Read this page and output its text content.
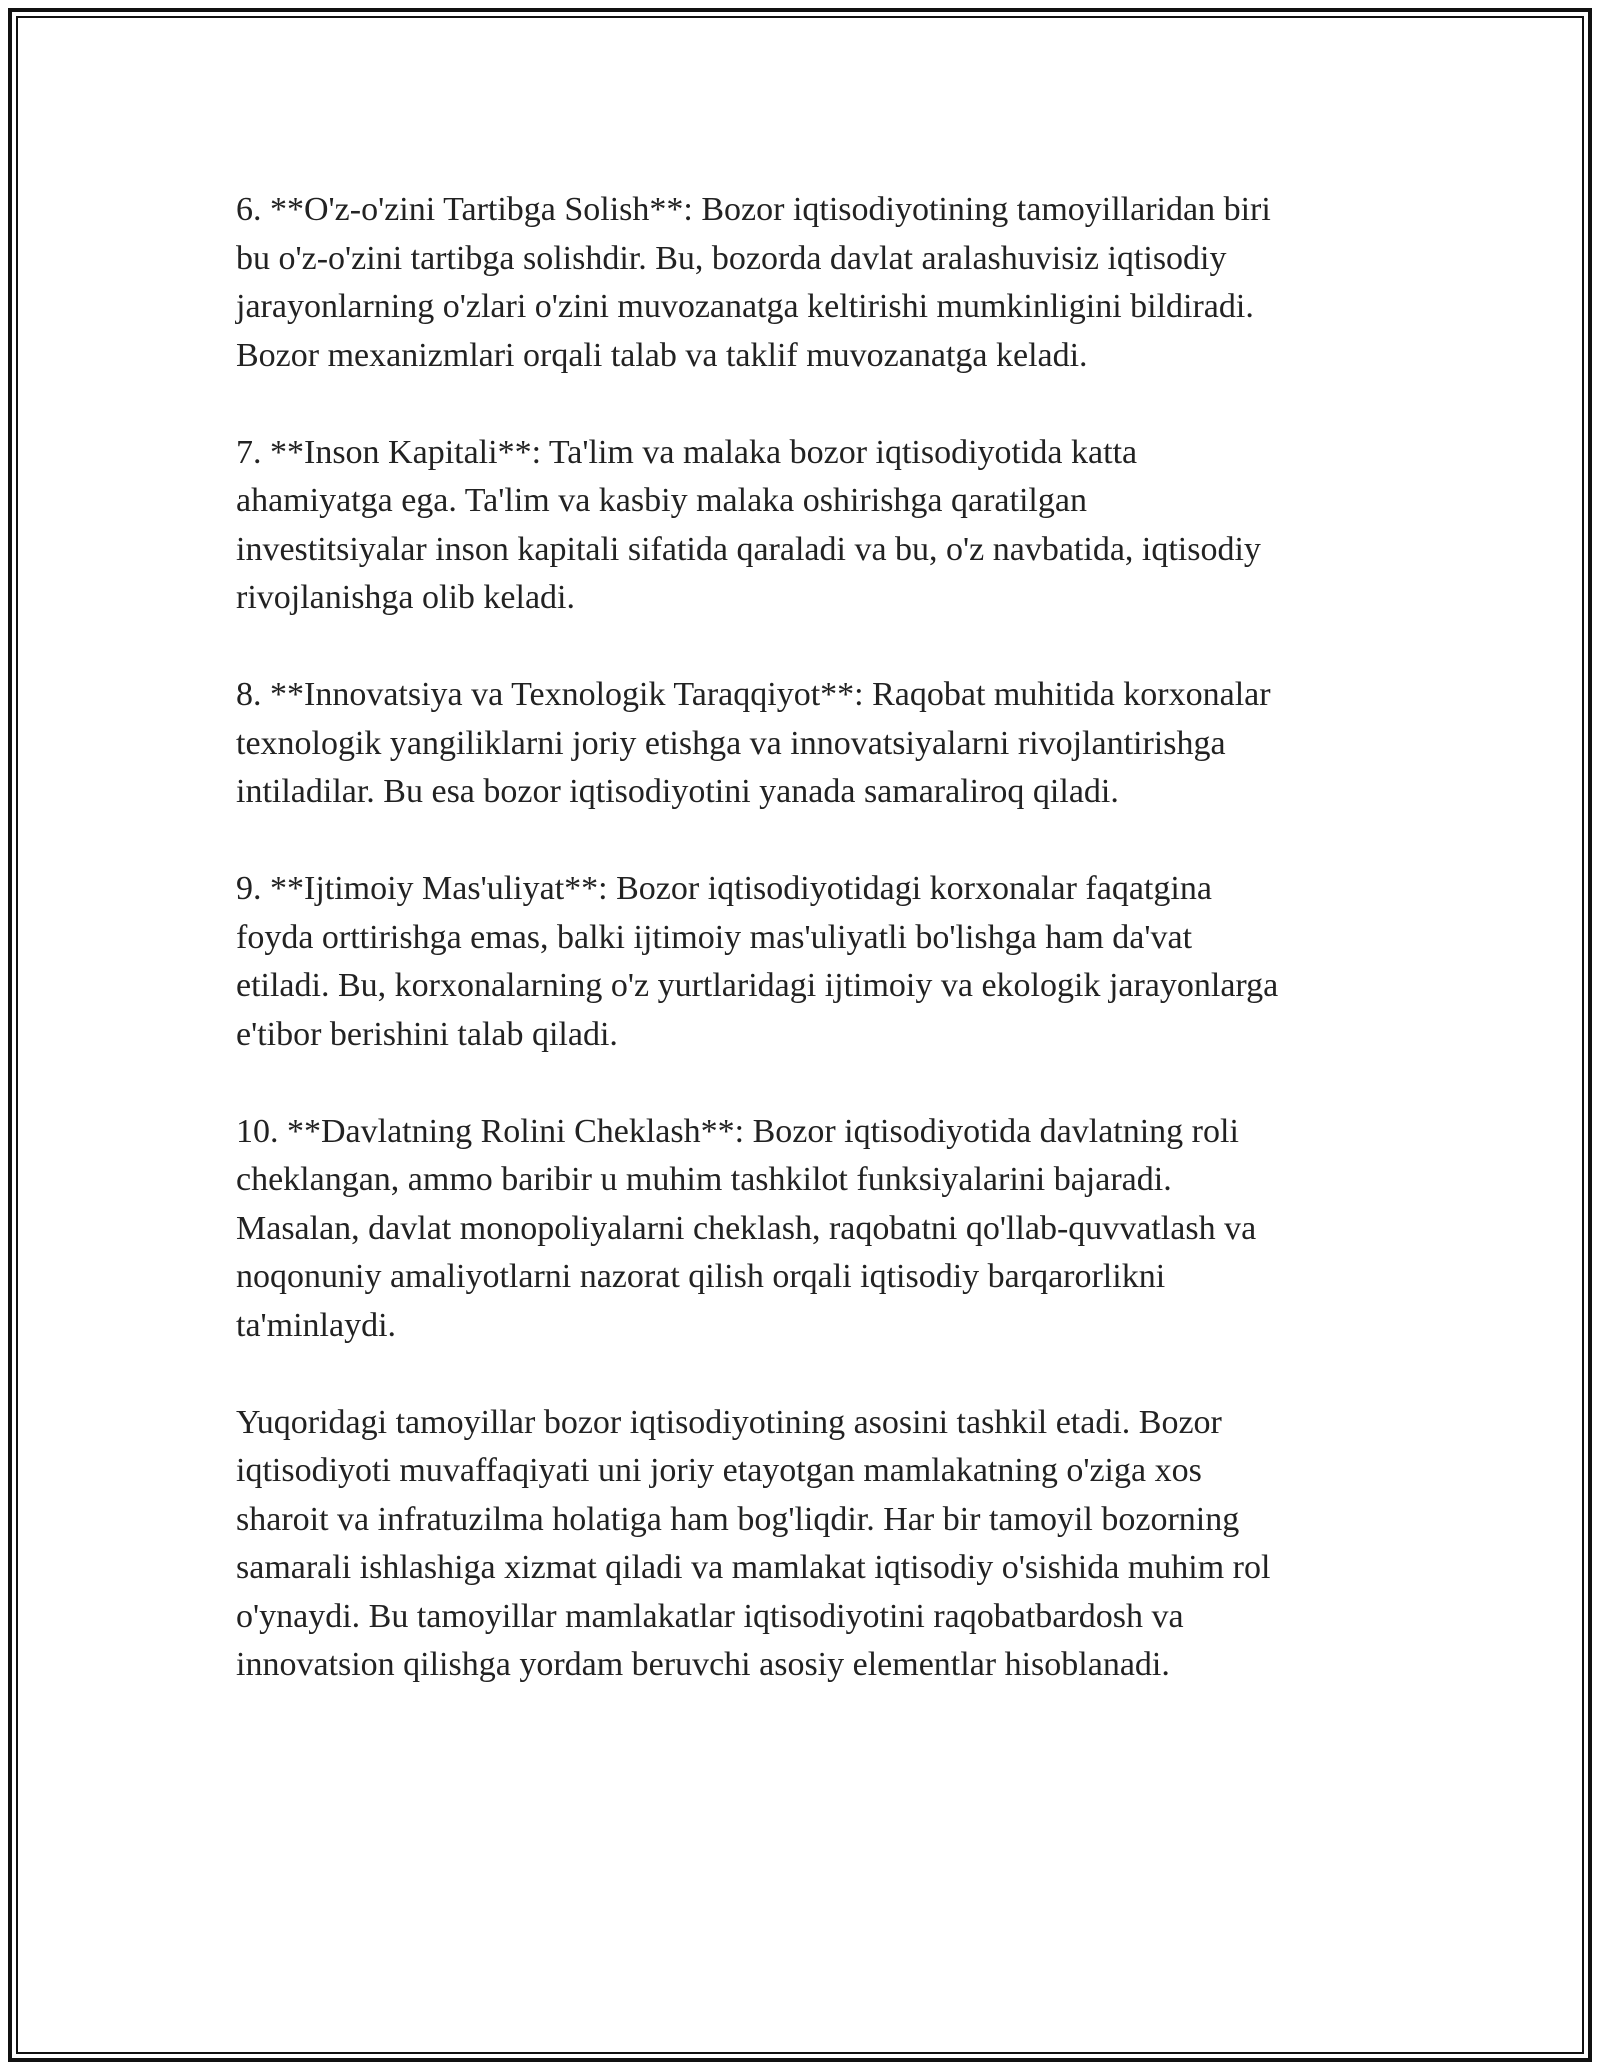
6. **O'z-o'zini Tartibga Solish**: Bozor iqtisodiyotining tamoyillaridan biri
bu o'z-o'zini tartibga solishdir. Bu, bozorda davlat aralashuvisiz iqtisodiy
jarayonlarning o'zlari o'zini muvozanatga keltirishi mumkinligini bildiradi.
Bozor mexanizmlari orqali talab va taklif muvozanatga keladi.

7. **Inson Kapitali**: Ta'lim va malaka bozor iqtisodiyotida katta
ahamiyatga ega. Ta'lim va kasbiy malaka oshirishga qaratilgan
investitsiyalar inson kapitali sifatida qaraladi va bu, o'z navbatida, iqtisodiy
rivojlanishga olib keladi.

8. **Innovatsiya va Texnologik Taraqqiyot**: Raqobat muhitida korxonalar
texnologik yangiliklarni joriy etishga va innovatsiyalarni rivojlantirishga
intiladilar. Bu esa bozor iqtisodiyotini yanada samaraliroq qiladi.

9. **Ijtimoiy Mas'uliyat**: Bozor iqtisodiyotidagi korxonalar faqatgina
foyda orttirishga emas, balki ijtimoiy mas'uliyatli bo'lishga ham da'vat
etiladi. Bu, korxonalarning o'z yurtlaridagi ijtimoiy va ekologik jarayonlarga
e'tibor berishini talab qiladi.

10. **Davlatning Rolini Cheklash**: Bozor iqtisodiyotida davlatning roli
cheklangan, ammo baribir u muhim tashkilot funksiyalarini bajaradi.
Masalan, davlat monopoliyalarni cheklash, raqobatni qo'llab-quvvatlash va
noqonuniy amaliyotlarni nazorat qilish orqali iqtisodiy barqarorlikni
ta'minlaydi.

Yuqoridagi tamoyillar bozor iqtisodiyotining asosini tashkil etadi. Bozor
iqtisodiyoti muvaffaqiyati uni joriy etayotgan mamlakatning o'ziga xos
sharoit va infratuzilma holatiga ham bog'liqdir. Har bir tamoyil bozorning
samarali ishlashiga xizmat qiladi va mamlakat iqtisodiy o'sishida muhim rol
o'ynaydi. Bu tamoyillar mamlakatlar iqtisodiyotini raqobatbardosh va
innovatsion qilishga yordam beruvchi asosiy elementlar hisoblanadi.
